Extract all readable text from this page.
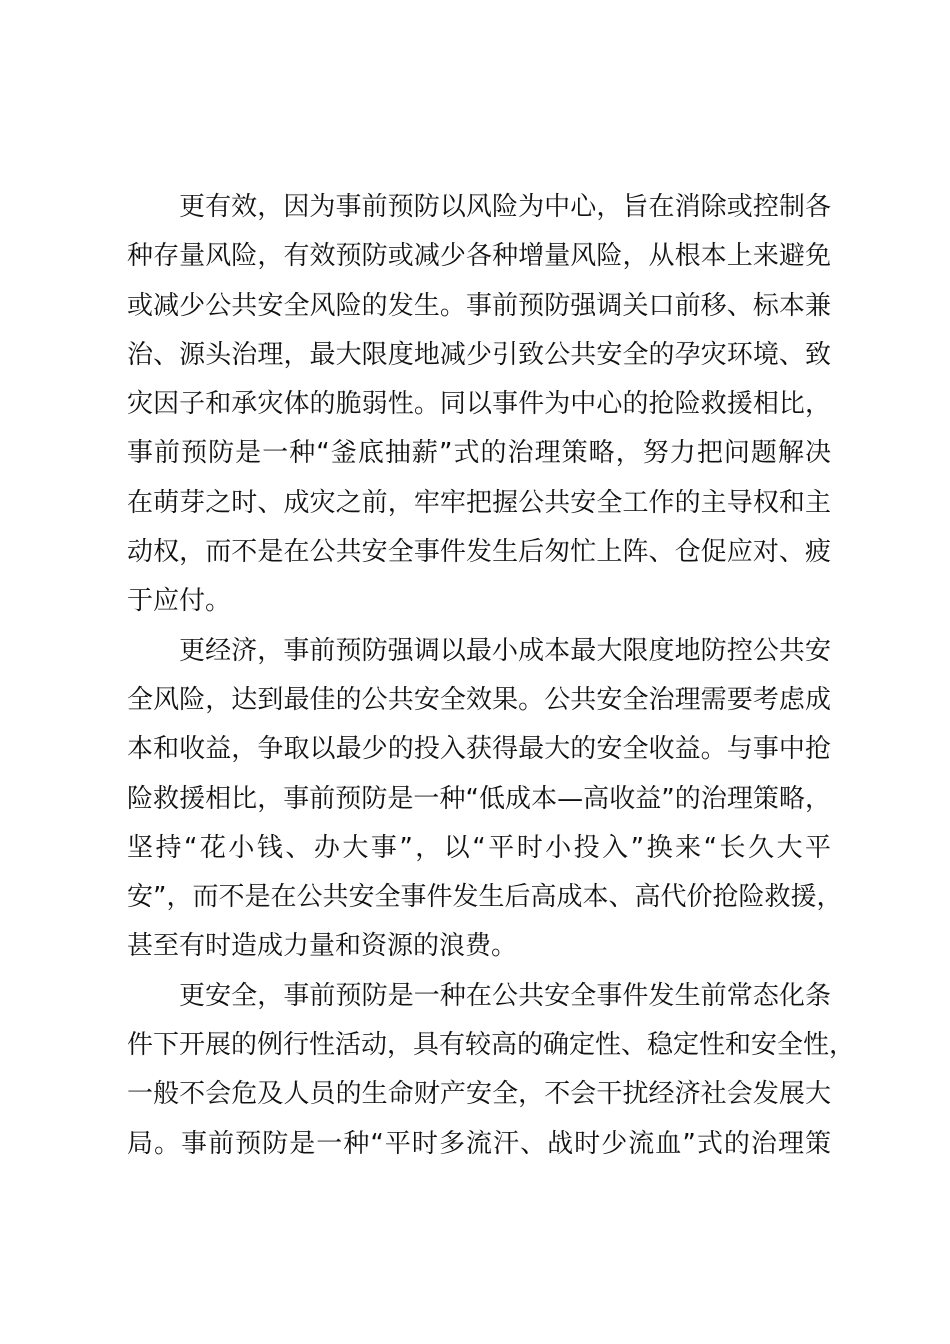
更有效，因为事前预防以风险为中心，旨在消除或控制各
种存量风险，有效预防或减少各种增量风险，从根本上来避免
或减少公共安全风险的发生。事前预防强调关口前移、标本兼
治、源头治理，最大限度地减少引致公共安全的孕灾环境、致
灾因子和承灾体的脆弱性。同以事件为中心的抢险救援相比，
事前预防是一种“釜底抽薪”式的治理策略，努力把问题解决
在萌芽之时、成灾之前，牢牢把握公共安全工作的主导权和主
动权，而不是在公共安全事件发生后匆忙上阵、仓促应对、疲
于应付。
更经济，事前预防强调以最小成本最大限度地防控公共安
全风险，达到最佳的公共安全效果。公共安全治理需要考虑成
本和收益，争取以最少的投入获得最大的安全收益。与事中抢
险救援相比，事前预防是一种“低成本—高收益”的治理策略，
坚持“花小钱、办大事”，以“平时小投入”换来“长久大平
安”，而不是在公共安全事件发生后高成本、高代价抢险救援，
甚至有时造成力量和资源的浪费。
更安全，事前预防是一种在公共安全事件发生前常态化条
件下开展的例行性活动，具有较高的确定性、稳定性和安全性，
一般不会危及人员的生命财产安全，不会干扰经济社会发展大
局。事前预防是一种“平时多流汗、战时少流血”式的治理策
